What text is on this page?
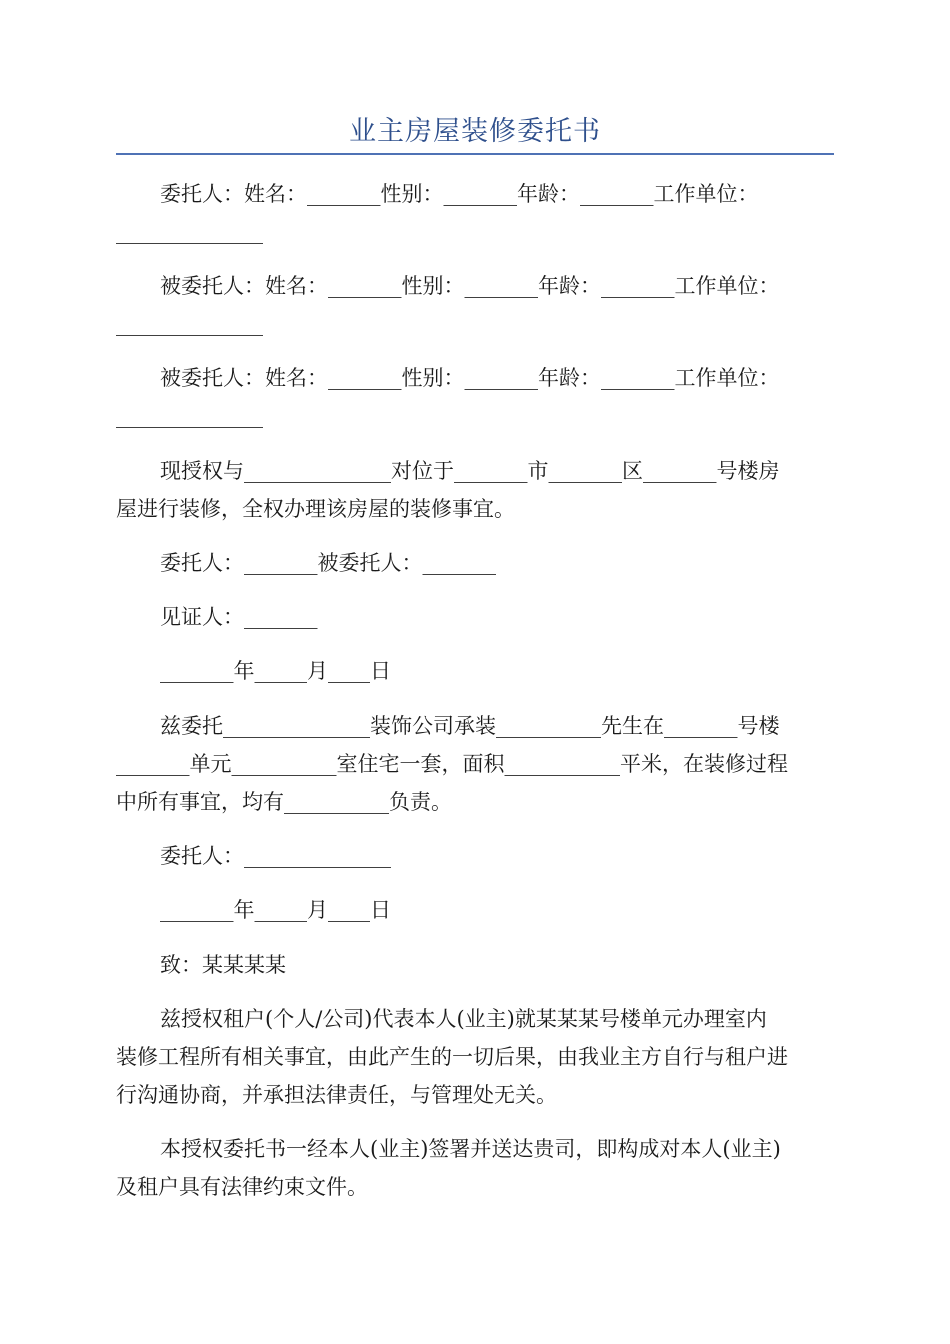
业主房屋装修委托书
委托人：姓名：_______性别：_______年龄：_______工作单位：
______________
被委托人：姓名：_______性别：_______年龄：_______工作单位：
______________
被委托人：姓名：_______性别：_______年龄：_______工作单位：
______________
现授权与______________对位于_______市_______区_______号楼房
屋进行装修，全权办理该房屋的装修事宜。
委托人：_______被委托人：_______
见证人：_______
_______年_____月____日
兹委托______________装饰公司承装__________先生在_______号楼
_______单元__________室住宅一套，面积___________平米，在装修过程
中所有事宜，均有__________负责。
委托人：______________
_______年_____月____日
致：某某某某
兹授权租户(个人/公司)代表本人(业主)就某某某号楼单元办理室内
装修工程所有相关事宜，由此产生的一切后果，由我业主方自行与租户进
行沟通协商，并承担法律责任，与管理处无关。
本授权委托书一经本人(业主)签署并送达贵司，即构成对本人(业主)
及租户具有法律约束文件。
